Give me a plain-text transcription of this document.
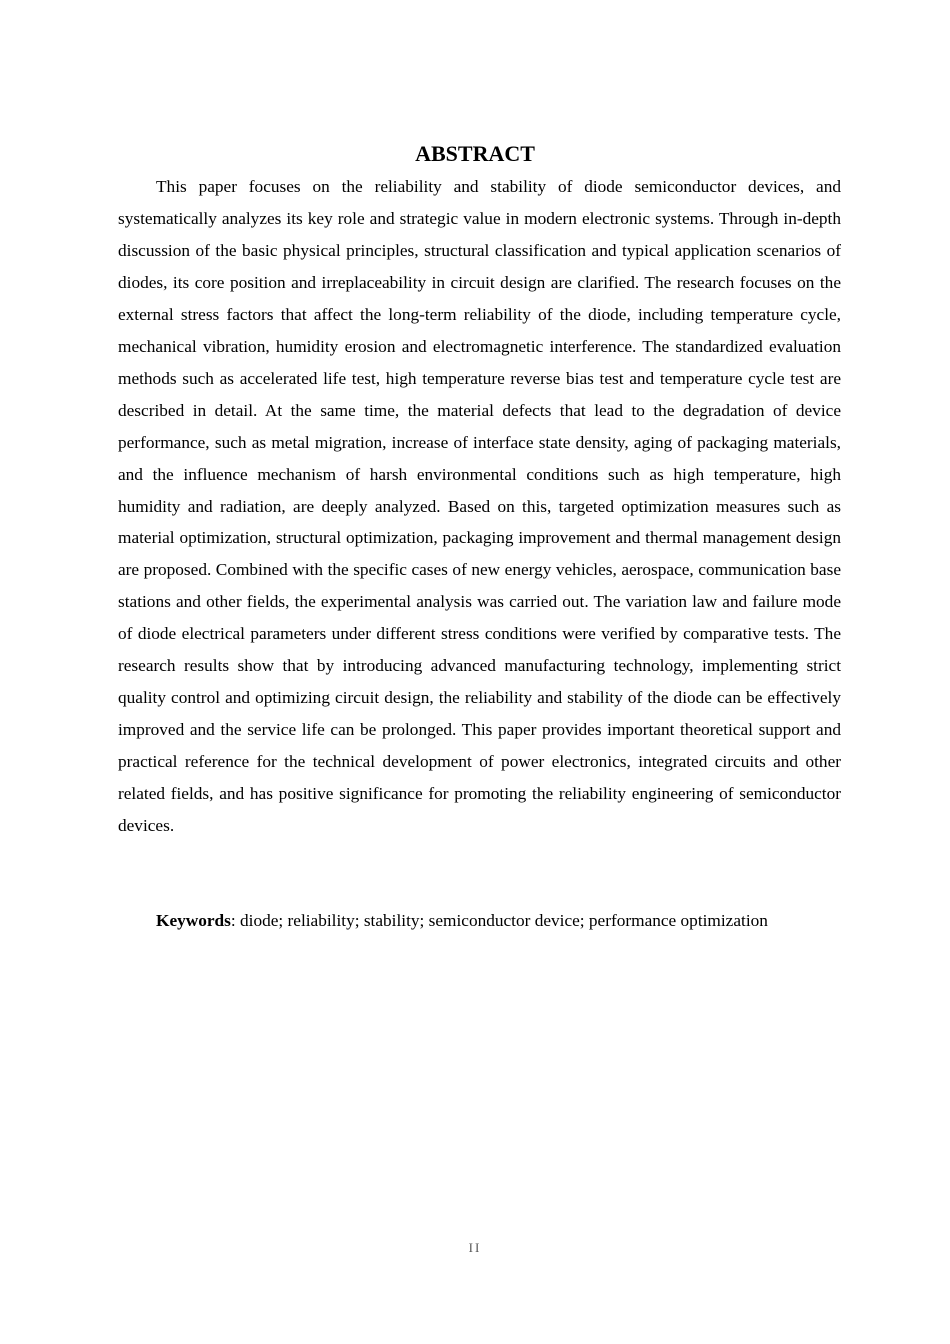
ABSTRACT

This paper focuses on the reliability and stability of diode semiconductor devices, and systematically analyzes its key role and strategic value in modern electronic systems. Through in-depth discussion of the basic physical principles, structural classification and typical application scenarios of diodes, its core position and irreplaceability in circuit design are clarified. The research focuses on the external stress factors that affect the long-term reliability of the diode, including temperature cycle, mechanical vibration, humidity erosion and electromagnetic interference. The standardized evaluation methods such as accelerated life test, high temperature reverse bias test and temperature cycle test are described in detail. At the same time, the material defects that lead to the degradation of device performance, such as metal migration, increase of interface state density, aging of packaging materials, and the influence mechanism of harsh environmental conditions such as high temperature, high humidity and radiation, are deeply analyzed. Based on this, targeted optimization measures such as material optimization, structural optimization, packaging improvement and thermal management design are proposed. Combined with the specific cases of new energy vehicles, aerospace, communication base stations and other fields, the experimental analysis was carried out. The variation law and failure mode of diode electrical parameters under different stress conditions were verified by comparative tests. The research results show that by introducing advanced manufacturing technology, implementing strict quality control and optimizing circuit design, the reliability and stability of the diode can be effectively improved and the service life can be prolonged. This paper provides important theoretical support and practical reference for the technical development of power electronics, integrated circuits and other related fields, and has positive significance for promoting the reliability engineering of semiconductor devices.

Keywords: diode; reliability; stability; semiconductor device; performance optimization

II
